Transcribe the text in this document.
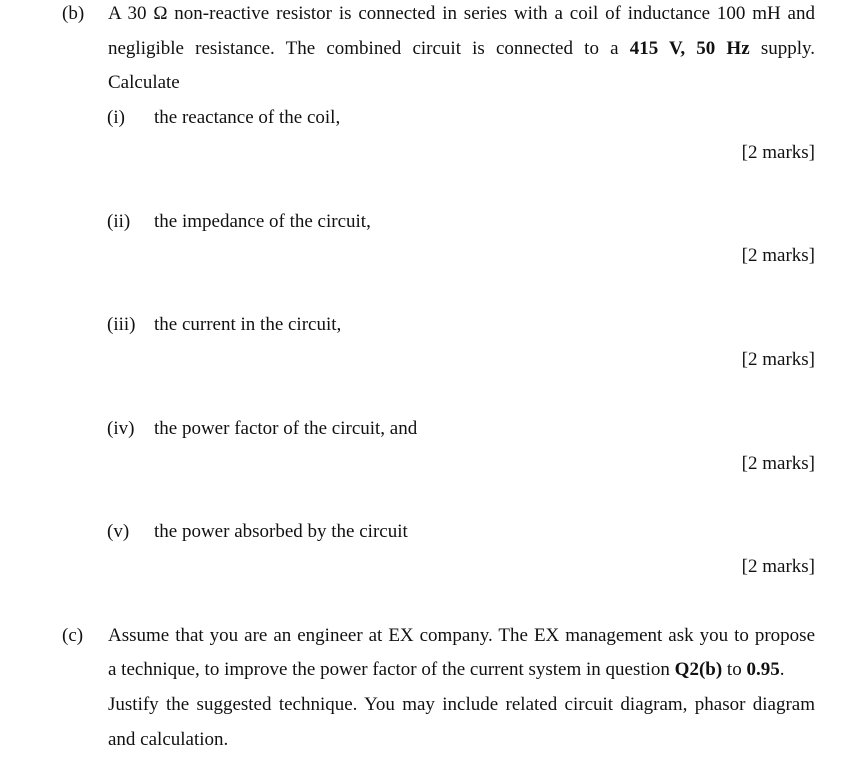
(b) A 30 Ω non-reactive resistor is connected in series with a coil of inductance 100 mH and
negligible resistance. The combined circuit is connected to a 415 V, 50 Hz supply.
Calculate
(i) the reactance of the coil,
[2 marks]
(ii) the impedance of the circuit,
[2 marks]
(iii) the current in the circuit,
[2 marks]
(iv) the power factor of the circuit, and
[2 marks]
(v) the power absorbed by the circuit
[2 marks]
(c) Assume that you are an engineer at EX company. The EX management ask you to propose
a technique, to improve the power factor of the current system in question Q2(b) to 0.95.
Justify the suggested technique. You may include related circuit diagram, phasor diagram
and calculation.
